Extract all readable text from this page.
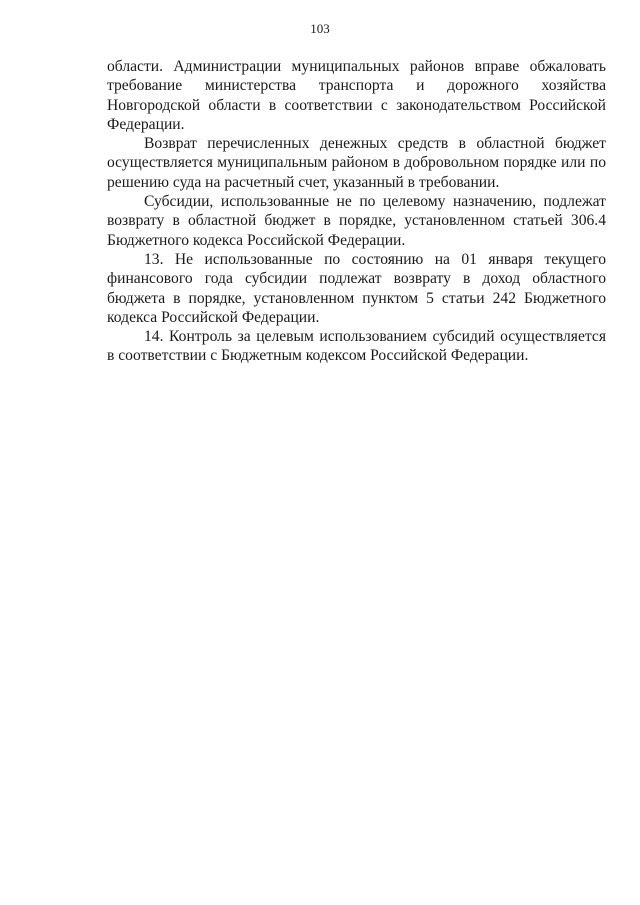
103

области. Администрации муниципальных районов вправе обжаловать требование министерства транспорта и дорожного хозяйства Новгородской области в соответствии с законодательством Российской Федерации.

Возврат перечисленных денежных средств в областной бюджет осуществляется муниципальным районом в добровольном порядке или по решению суда на расчетный счет, указанный в требовании.

Субсидии, использованные не по целевому назначению, подлежат возврату в областной бюджет в порядке, установленном статьей 306.4 Бюджетного кодекса Российской Федерации.

13. Не использованные по состоянию на 01 января текущего финансового года субсидии подлежат возврату в доход областного бюджета в порядке, установленном пунктом 5 статьи 242 Бюджетного кодекса Российской Федерации.

14. Контроль за целевым использованием субсидий осуществляется в соответствии с Бюджетным кодексом Российской Федерации.
